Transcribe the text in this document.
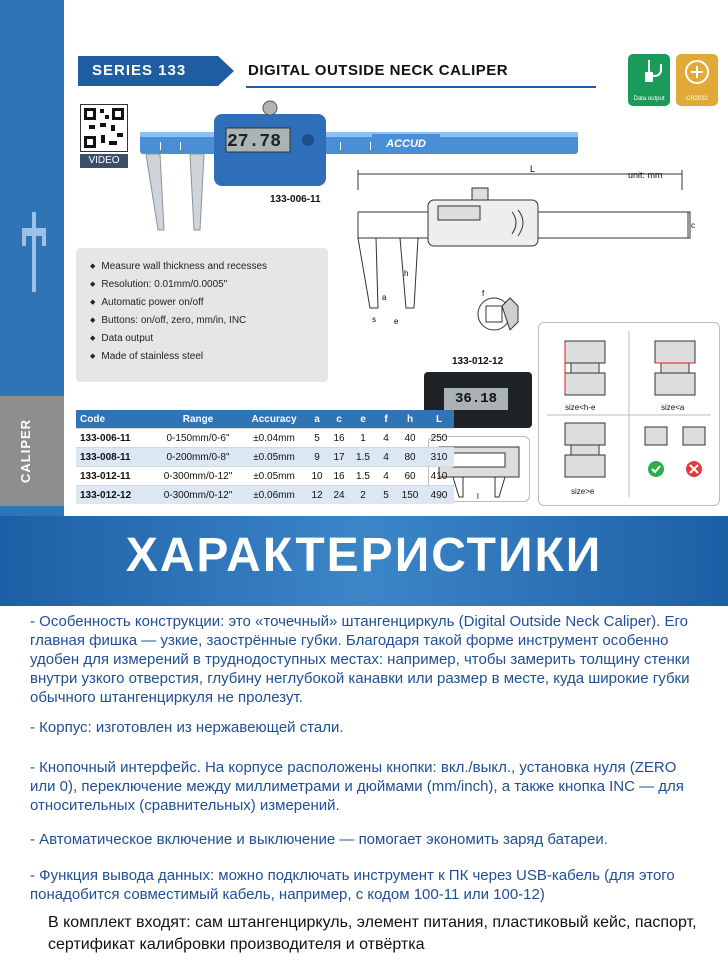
CALIPER
SERIES 133	DIGITAL OUTSIDE NECK CALIPER
Data output	CR2032
VIDEO
ACCUD
27.78
133-006-11
L
c
h
a	f
s e
unit: mm
◆ Measure wall thickness and recesses
◆ Resolution: 0.01mm/0.0005"
◆ Automatic power on/off
◆ Buttons: on/off, zero, mm/in, INC
◆ Data output
◆ Made of stainless steel	133-012-12
36.18
l
size<h-e	size<a
size>e
Code	Range	Accuracy	a	c	e	f	h	L
133-006-11	0-150mm/0-6"	±0.04mm	5	16	1	4	40	250
133-008-11	0-200mm/0-8"	±0.05mm	9	17	1.5	4	80	310
133-012-11	0-300mm/0-12"	±0.05mm	10	16	1.5	4	60	410
133-012-12	0-300mm/0-12"	±0.06mm	12	24	2	5	150	490
ХАРАКТЕРИСТИКИ
- Особенность конструкции: это «точечный» штангенциркуль (Digital Outside Neck Caliper). Его главная фишка — узкие, заострённые губки. Благодаря такой форме инструмент особенно удобен для измерений в труднодоступных местах: например, чтобы замерить толщину стенки внутри узкого отверстия, глубину неглубокой канавки или размер в месте, куда широкие губки обычного штангенциркуля не пролезут.
- Корпус: изготовлен из нержавеющей стали.
- Кнопочный интерфейс. На корпусе расположены кнопки: вкл./выкл., установка нуля (ZERO или 0), переключение между миллиметрами и дюймами (mm/inch), а также кнопка INC — для относительных (сравнительных) измерений.
- Автоматическое включение и выключение — помогает экономить заряд батареи.
- Функция вывода данных: можно подключать инструмент к ПК через USB-кабель (для этого понадобится совместимый кабель, например, с кодом 100-11 или 100-12)
В комплект входят: сам штангенциркуль, элемент питания, пластиковый кейс, паспорт, сертификат калибровки производителя и отвёртка
